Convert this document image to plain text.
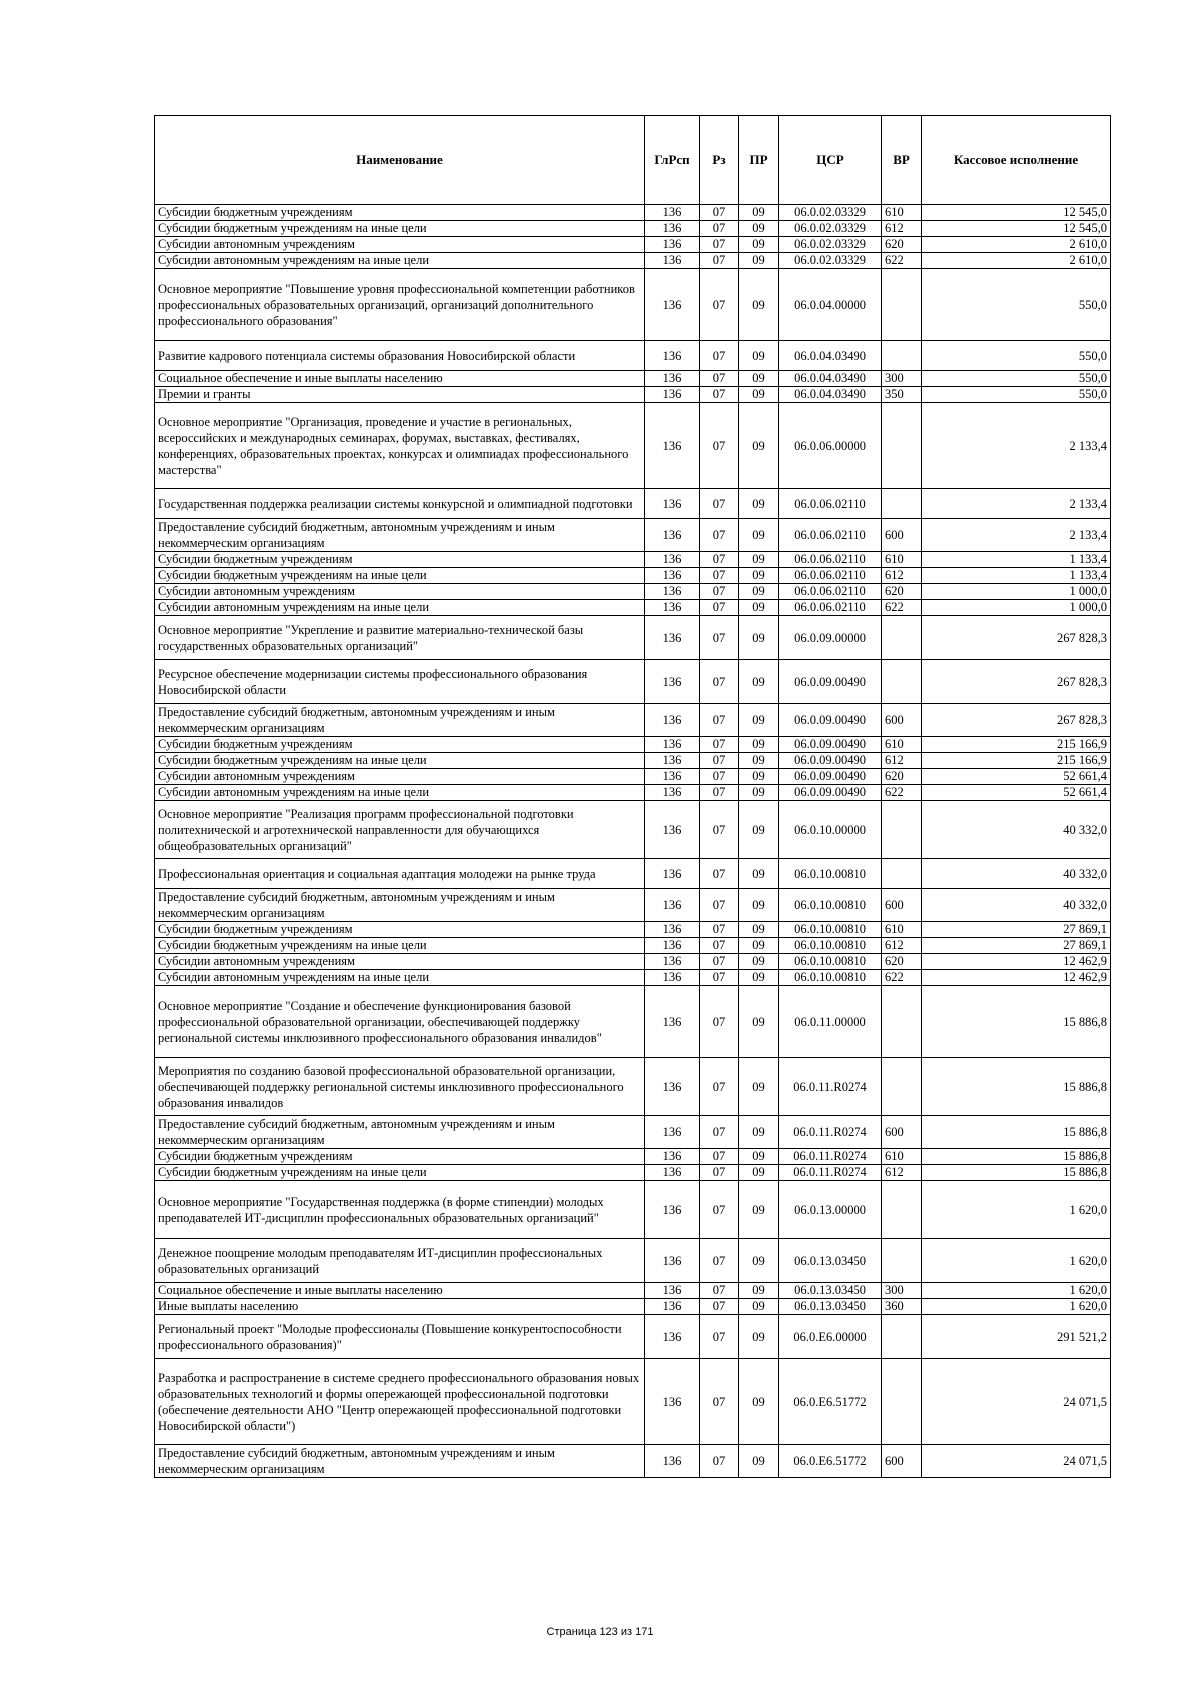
Наименование	ГлРсп	Рз	ПР	ЦСР	ВР	Кассовое исполнение
Субсидии бюджетным учреждениям	136	07	09	06.0.02.03329	610	12 545,0
Субсидии бюджетным учреждениям на иные цели	136	07	09	06.0.02.03329	612	12 545,0
Субсидии автономным учреждениям	136	07	09	06.0.02.03329	620	2 610,0
Субсидии автономным учреждениям на иные цели	136	07	09	06.0.02.03329	622	2 610,0
Основное мероприятие "Повышение уровня профессиональной компетенции работников профессиональных образовательных организаций, организаций дополнительного профессионального образования"	136	07	09	06.0.04.00000		550,0
Развитие кадрового потенциала системы образования Новосибирской области	136	07	09	06.0.04.03490		550,0
Социальное обеспечение и иные выплаты населению	136	07	09	06.0.04.03490	300	550,0
Премии и гранты	136	07	09	06.0.04.03490	350	550,0
Основное мероприятие "Организация, проведение и участие в региональных, всероссийских и международных семинарах, форумах, выставках, фестивалях, конференциях, образовательных проектах, конкурсах и олимпиадах профессионального мастерства"	136	07	09	06.0.06.00000		2 133,4
Государственная поддержка реализации системы конкурсной и олимпиадной подготовки	136	07	09	06.0.06.02110		2 133,4
Предоставление субсидий бюджетным, автономным учреждениям и иным некоммерческим организациям	136	07	09	06.0.06.02110	600	2 133,4
Субсидии бюджетным учреждениям	136	07	09	06.0.06.02110	610	1 133,4
Субсидии бюджетным учреждениям на иные цели	136	07	09	06.0.06.02110	612	1 133,4
Субсидии автономным учреждениям	136	07	09	06.0.06.02110	620	1 000,0
Субсидии автономным учреждениям на иные цели	136	07	09	06.0.06.02110	622	1 000,0
Основное мероприятие "Укрепление и развитие материально-технической базы государственных образовательных организаций"	136	07	09	06.0.09.00000		267 828,3
Ресурсное обеспечение модернизации системы профессионального образования Новосибирской области	136	07	09	06.0.09.00490		267 828,3
Предоставление субсидий бюджетным, автономным учреждениям и иным некоммерческим организациям	136	07	09	06.0.09.00490	600	267 828,3
Субсидии бюджетным учреждениям	136	07	09	06.0.09.00490	610	215 166,9
Субсидии бюджетным учреждениям на иные цели	136	07	09	06.0.09.00490	612	215 166,9
Субсидии автономным учреждениям	136	07	09	06.0.09.00490	620	52 661,4
Субсидии автономным учреждениям на иные цели	136	07	09	06.0.09.00490	622	52 661,4
Основное мероприятие "Реализация программ профессиональной подготовки политехнической и агротехнической направленности для обучающихся общеобразовательных организаций"	136	07	09	06.0.10.00000		40 332,0
Профессиональная ориентация и социальная адаптация молодежи на рынке труда	136	07	09	06.0.10.00810		40 332,0
Предоставление субсидий бюджетным, автономным учреждениям и иным некоммерческим организациям	136	07	09	06.0.10.00810	600	40 332,0
Субсидии бюджетным учреждениям	136	07	09	06.0.10.00810	610	27 869,1
Субсидии бюджетным учреждениям на иные цели	136	07	09	06.0.10.00810	612	27 869,1
Субсидии автономным учреждениям	136	07	09	06.0.10.00810	620	12 462,9
Субсидии автономным учреждениям на иные цели	136	07	09	06.0.10.00810	622	12 462,9
Основное мероприятие "Создание и обеспечение функционирования базовой профессиональной образовательной организации, обеспечивающей поддержку региональной системы инклюзивного профессионального образования инвалидов"	136	07	09	06.0.11.00000		15 886,8
Мероприятия по созданию базовой профессиональной образовательной организации, обеспечивающей поддержку региональной системы инклюзивного профессионального образования инвалидов	136	07	09	06.0.11.R0274		15 886,8
Предоставление субсидий бюджетным, автономным учреждениям и иным некоммерческим организациям	136	07	09	06.0.11.R0274	600	15 886,8
Субсидии бюджетным учреждениям	136	07	09	06.0.11.R0274	610	15 886,8
Субсидии бюджетным учреждениям на иные цели	136	07	09	06.0.11.R0274	612	15 886,8
Основное мероприятие "Государственная поддержка (в форме стипендии) молодых преподавателей ИТ-дисциплин профессиональных образовательных организаций"	136	07	09	06.0.13.00000		1 620,0
Денежное поощрение молодым преподавателям ИТ-дисциплин профессиональных образовательных организаций	136	07	09	06.0.13.03450		1 620,0
Социальное обеспечение и иные выплаты населению	136	07	09	06.0.13.03450	300	1 620,0
Иные выплаты населению	136	07	09	06.0.13.03450	360	1 620,0
Региональный проект "Молодые профессионалы (Повышение конкурентоспособности профессионального образования)"	136	07	09	06.0.E6.00000		291 521,2
Разработка и распространение в системе среднего профессионального образования новых образовательных технологий и формы опережающей профессиональной подготовки (обеспечение деятельности АНО "Центр опережающей профессиональной подготовки Новосибирской области")	136	07	09	06.0.E6.51772		24 071,5
Предоставление субсидий бюджетным, автономным учреждениям и иным некоммерческим организациям	136	07	09	06.0.E6.51772	600	24 071,5
Страница 123 из 171
